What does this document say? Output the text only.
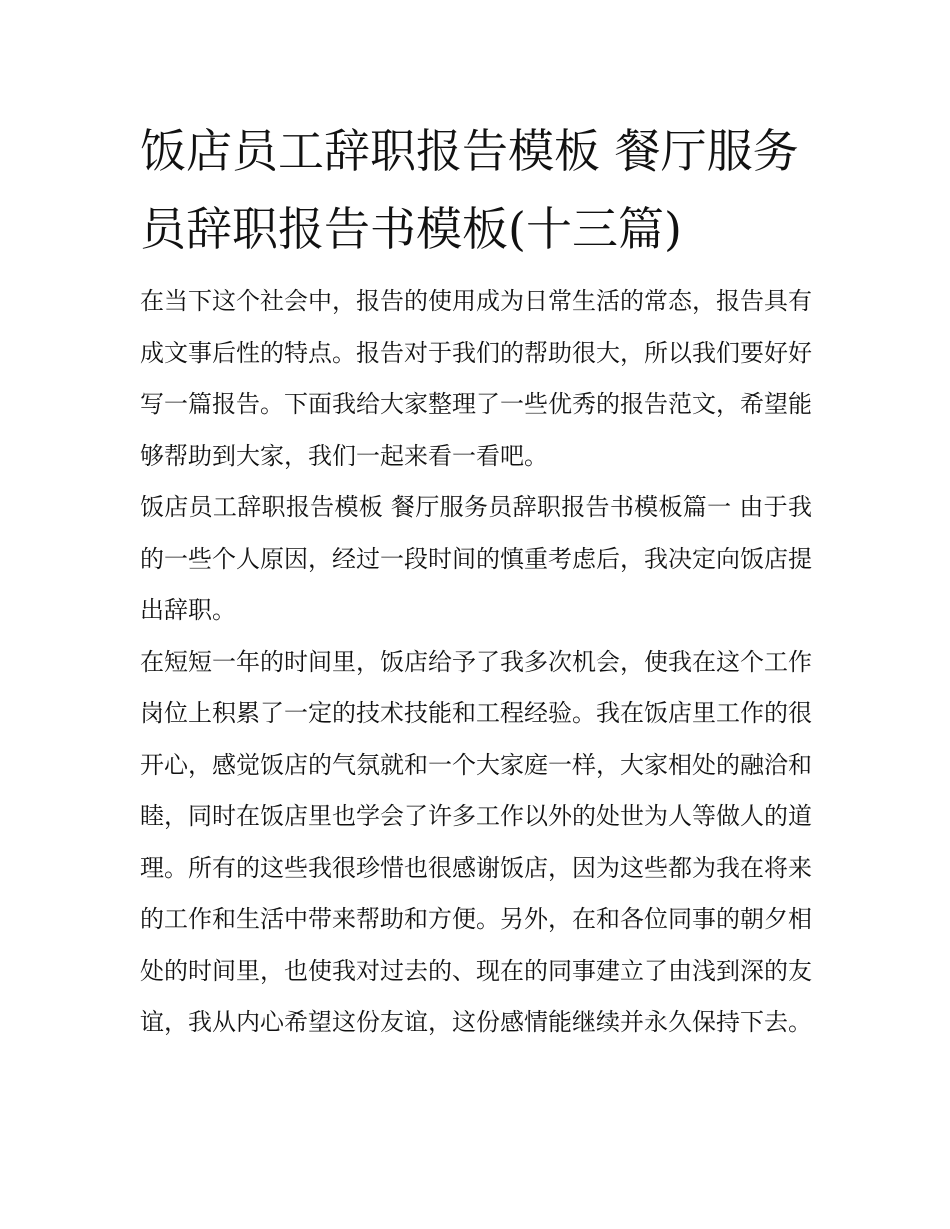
饭店员工辞职报告模板 餐厅服务员辞职报告书模板(十三篇)

在当下这个社会中，报告的使用成为日常生活的常态，报告具有成文事后性的特点。报告对于我们的帮助很大，所以我们要好好写一篇报告。下面我给大家整理了一些优秀的报告范文，希望能够帮助到大家，我们一起来看一看吧。

饭店员工辞职报告模板 餐厅服务员辞职报告书模板篇一 由于我的一些个人原因，经过一段时间的慎重考虑后，我决定向饭店提出辞职。

在短短一年的时间里，饭店给予了我多次机会，使我在这个工作岗位上积累了一定的技术技能和工程经验。我在饭店里工作的很开心，感觉饭店的气氛就和一个大家庭一样，大家相处的融洽和睦，同时在饭店里也学会了许多工作以外的处世为人等做人的道理。所有的这些我很珍惜也很感谢饭店，因为这些都为我在将来的工作和生活中带来帮助和方便。另外，在和各位同事的朝夕相处的时间里，也使我对过去的、现在的同事建立了由浅到深的友谊，我从内心希望这份友谊，这份感情能继续并永久保持下去。
